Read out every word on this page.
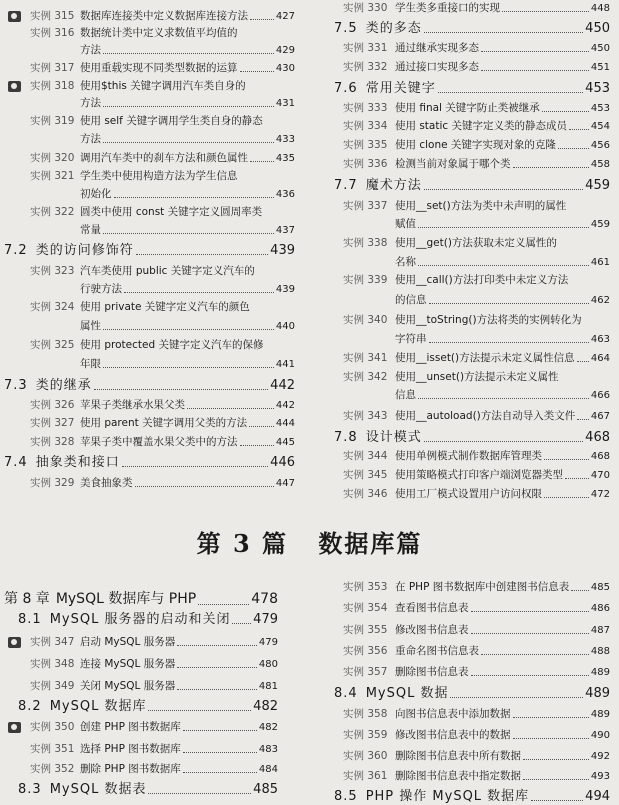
实例 315 数据库连接类中定义数据库连接方法	427
实例 316 数据统计类中定义求数值平均值的
方法	429
实例 317 使用重载实现不同类型数据的运算	430
实例 318 使用$this 关键字调用汽车类自身的
方法	431
实例 319 使用 self 关键字调用学生类自身的静态
方法	433
实例 320 调用汽车类中的刹车方法和颜色属性	435
实例 321 学生类中使用构造方法为学生信息
初始化	436
实例 322 圆类中使用 const 关键字定义圆周率类
常量	437
7.2 类的访问修饰符	439
实例 323 汽车类使用 public 关键字定义汽车的
行驶方法	439
实例 324 使用 private 关键字定义汽车的颜色
属性	440
实例 325 使用 protected 关键字定义汽车的保修
年限	441
7.3 类的继承	442
实例 326 苹果子类继承水果父类	442
实例 327 使用 parent 关键字调用父类的方法	444
实例 328 苹果子类中覆盖水果父类中的方法	445
7.4 抽象类和接口	446
实例 329 美食抽象类	447
实例 330 学生类多重接口的实现	448
7.5 类的多态	450
实例 331 通过继承实现多态	450
实例 332 通过接口实现多态	451
7.6 常用关键字	453
实例 333 使用 final 关键字防止类被继承	453
实例 334 使用 static 关键字定义类的静态成员 454
实例 335 使用 clone 关键字实现对象的克隆	456
实例 336 检测当前对象属于哪个类	458
7.7 魔术方法	459
实例 337 使用__set()方法为类中未声明的属性
赋值	459
实例 338 使用__get()方法获取未定义属性的
名称	461
实例 339 使用__call()方法打印类中未定义方法
的信息	462
实例 340 使用__toString()方法将类的实例转化为
字符串	463
实例 341 使用__isset()方法提示未定义属性信息 464
实例 342 使用__unset()方法提示未定义属性
信息	466
实例 343 使用__autoload()方法自动导入类文件 467
7.8 设计模式	468
实例 344 使用单例模式制作数据库管理类	468
实例 345 使用策略模式打印客户端浏览器类型	470
实例 346 使用工厂模式设置用户访问权限	472
第 3 篇 数据库篇
第 8 章 MySQL 数据库与 PHP	478
8.1 MySQL 服务器的启动和关闭 479
实例 347 启动 MySQL 服务器	479
实例 348 连接 MySQL 服务器	480
实例 349 关闭 MySQL 服务器	481
8.2 MySQL 数据库	482
实例 350 创建 PHP 图书数据库	482
实例 351 选择 PHP 图书数据库	483
实例 352 删除 PHP 图书数据库	484
8.3 MySQL 数据表	485
实例 353 在 PHP 图书数据库中创建图书信息表 485
实例 354 查看图书信息表	486
实例 355 修改图书信息表	487
实例 356 重命名图书信息表	488
实例 357 删除图书信息表	489
8.4 MySQL 数据	489
实例 358 向图书信息表中添加数据	489
实例 359 修改图书信息表中的数据	490
实例 360 删除图书信息表中所有数据	492
实例 361 删除图书信息表中指定数据	493
8.5 PHP 操作 MySQL 数据库	494
